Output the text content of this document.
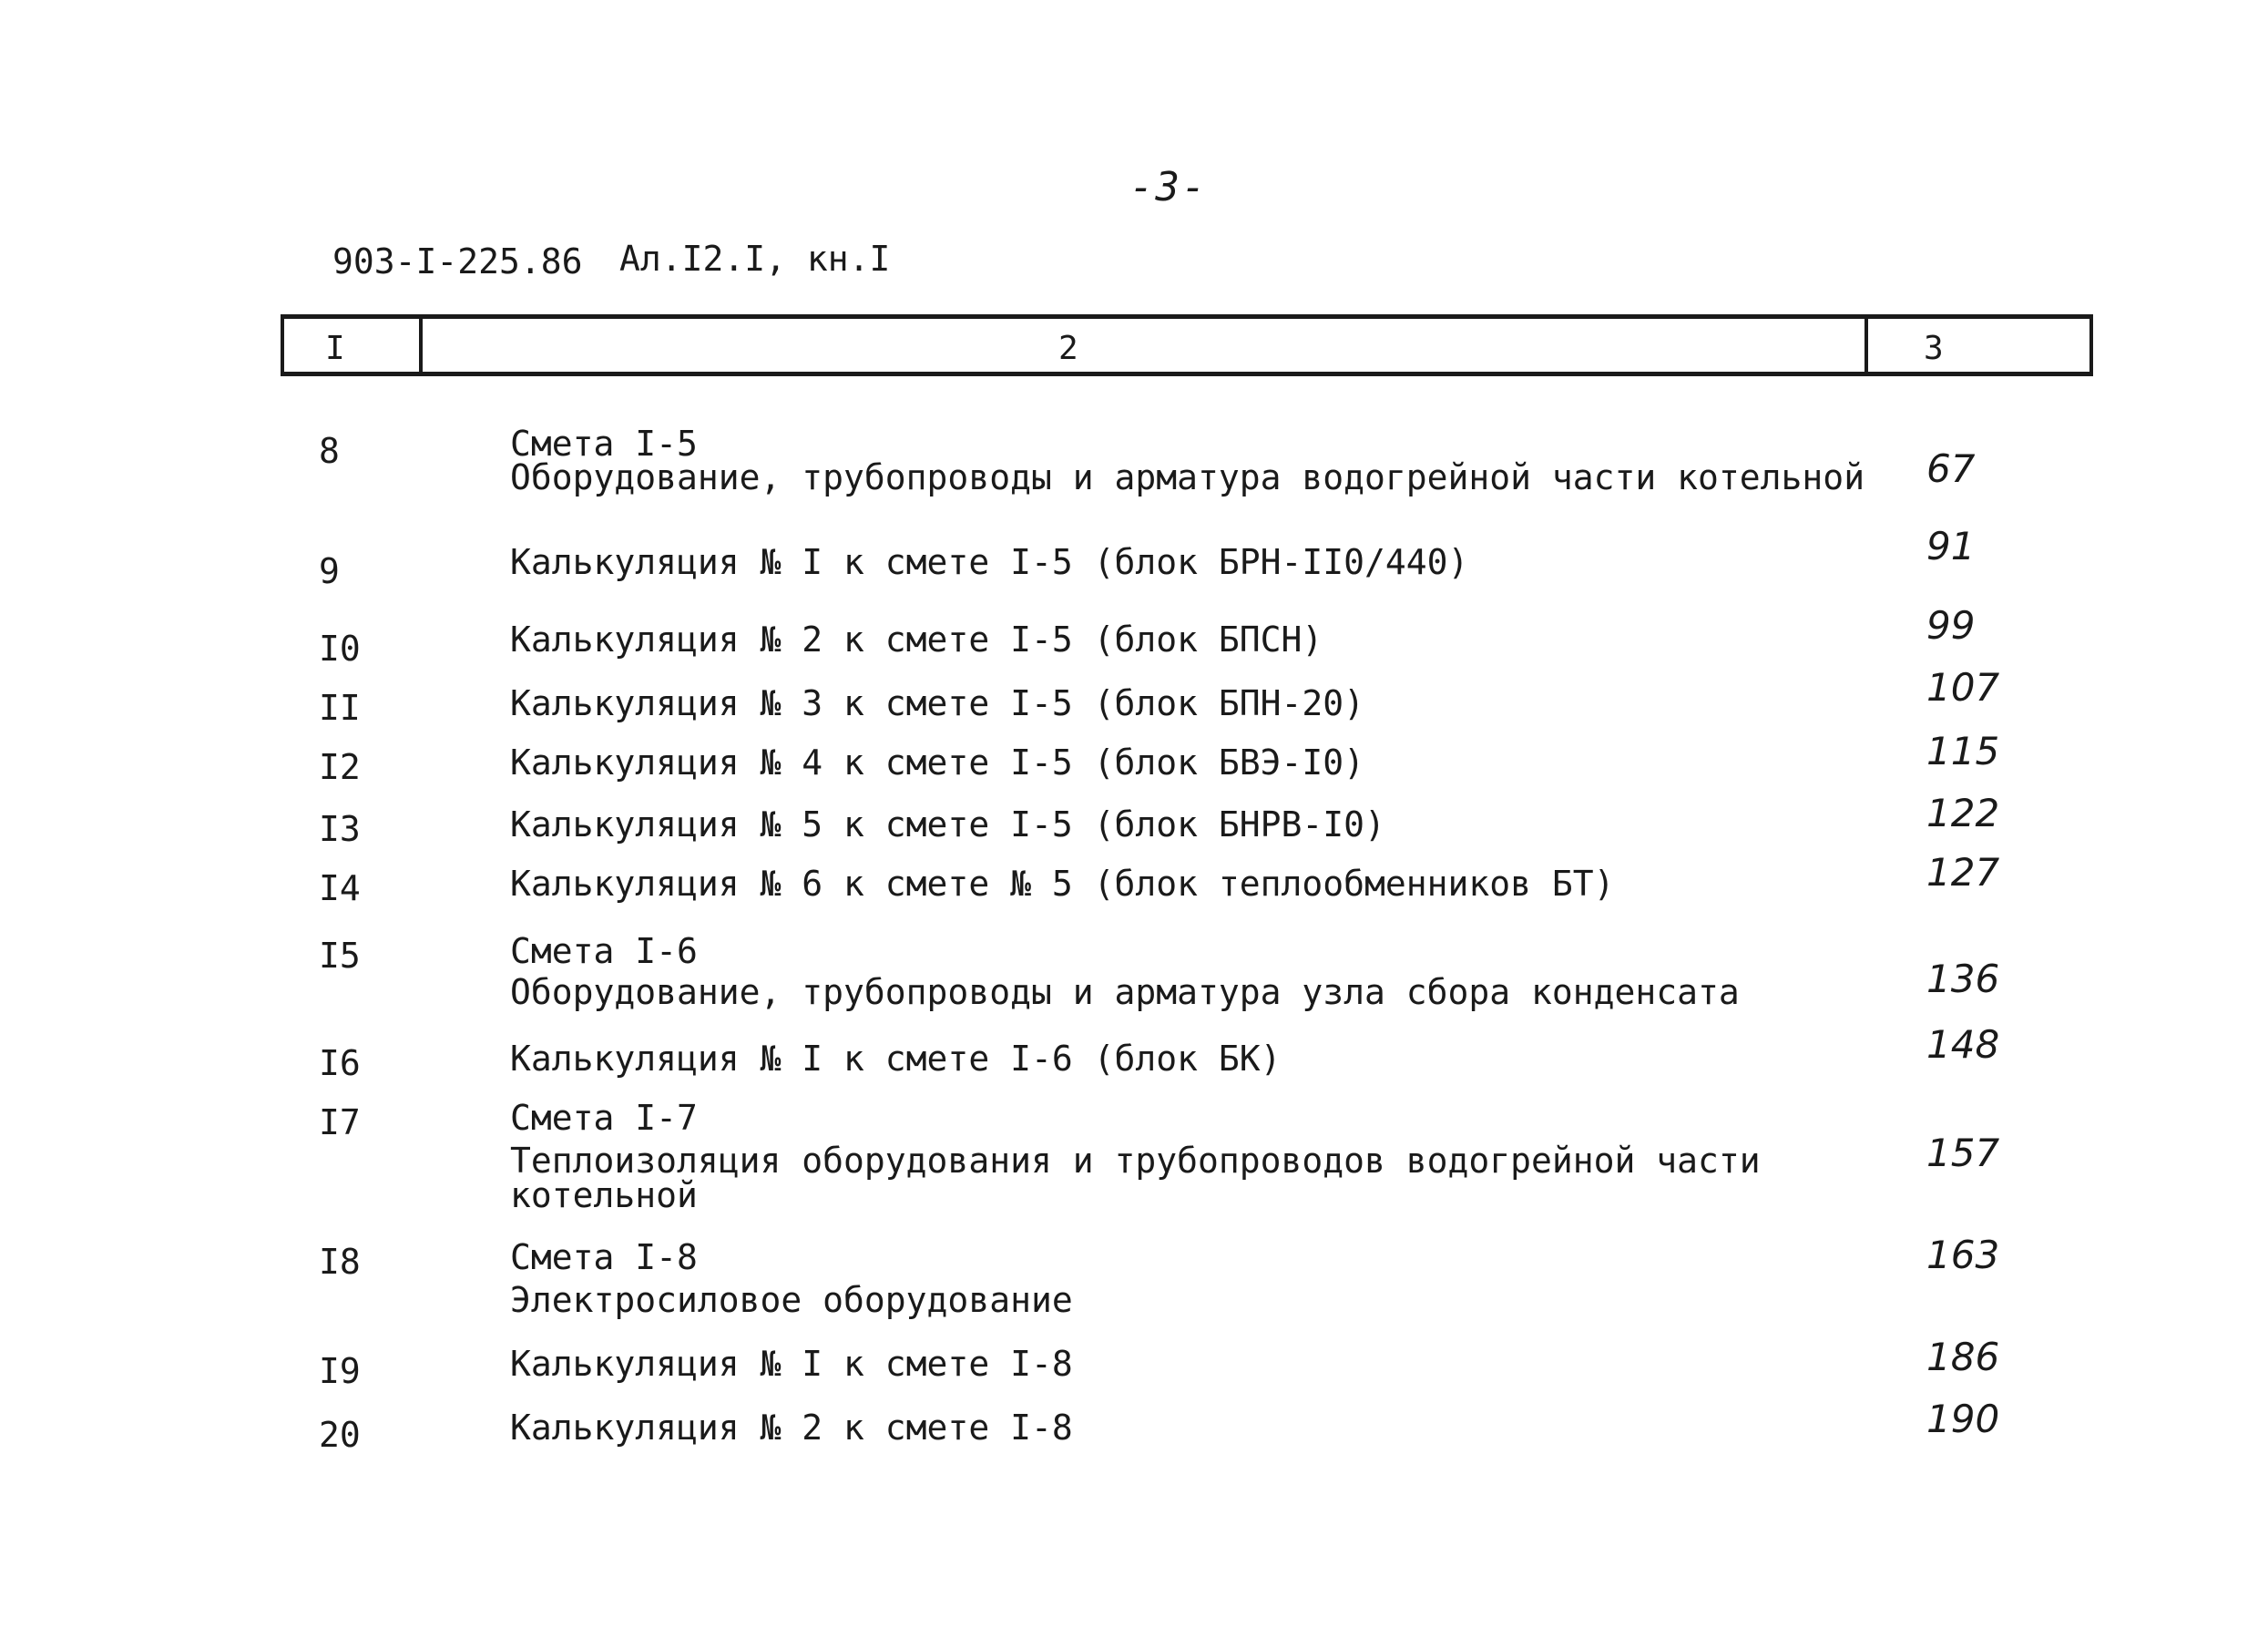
-3-
903-I-225.86 Ал.I2.I, кн.I
I	2	3
8	Смета I-5
Оборудование, трубопроводы и арматура водогрейной части котельной	67
9	Калькуляция № I к смете I-5 (блок БРН-II0/440)	91
I0	Калькуляция № 2 к смете I-5 (блок БПСН)	99
II	Калькуляция № 3 к смете I-5 (блок БПН-20)	107
I2	Калькуляция № 4 к смете I-5 (блок БВЭ-I0)	115
I3	Калькуляция № 5 к смете I-5 (блок БНРВ-I0)	122
I4	Калькуляция № 6 к смете № 5 (блок теплообменников БТ)	127
I5	Смета I-6
Оборудование, трубопроводы и арматура узла сбора конденсата	136
I6	Калькуляция № I к смете I-6 (блок БК)	148
I7	Смета I-7
Теплоизоляция оборудования и трубопроводов водогрейной части котельной
157
I8	Смета I-8
Электросиловое оборудование
163
I9	Калькуляция № I к смете I-8	186
20	Калькуляция № 2 к смете I-8	190
